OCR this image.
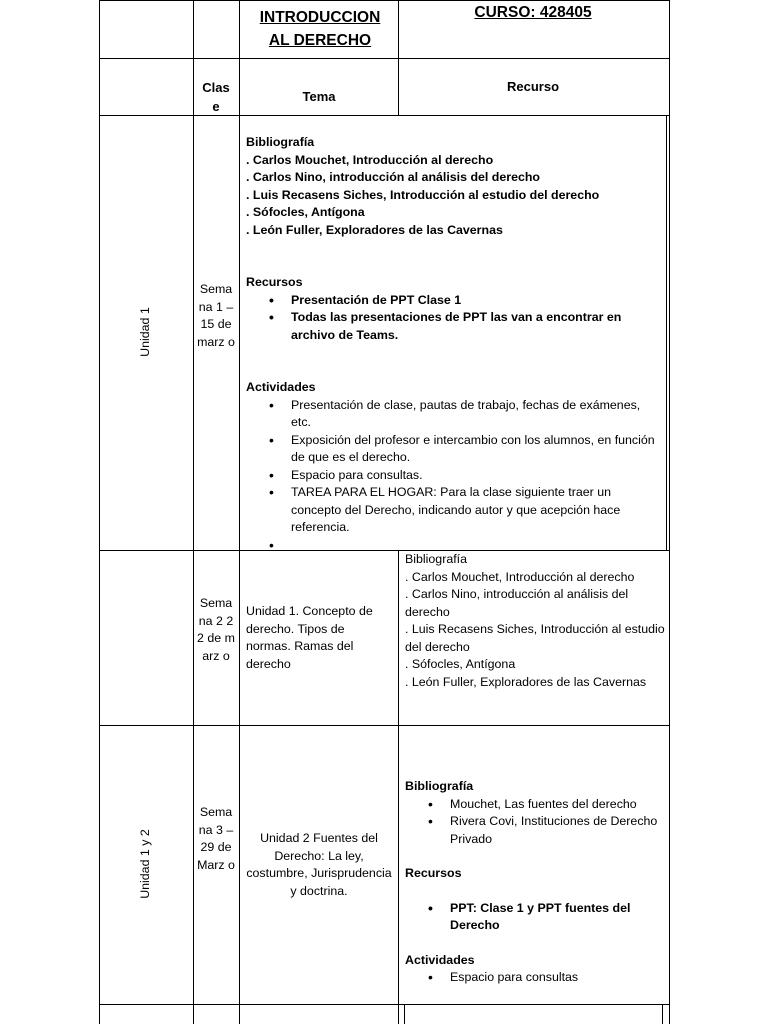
INTRODUCCION AL DERECHO
CURSO: 428405
Clas e
Tema
Recurso
Unidad 1
Sema na 1 – 15 de marz o
Bibliografía
. Carlos Mouchet, Introducción al derecho
. Carlos Nino, introducción al análisis del derecho
. Luis Recasens Siches, Introducción al estudio del derecho
. Sófocles, Antígona
. León Fuller, Exploradores de las Cavernas
Recursos
• Presentación de PPT Clase 1
• Todas las presentaciones de PPT las van a encontrar en archivo de Teams.
Actividades
• Presentación de clase, pautas de trabajo, fechas de exámenes, etc.
• Exposición del profesor e intercambio con los alumnos, en función de que es el derecho.
• Espacio para consultas.
• TAREA PARA EL HOGAR: Para la clase siguiente traer un concepto del Derecho, indicando autor y que acepción hace referencia.
•
Sema na 2 22 de marz o
Unidad 1. Concepto de derecho. Tipos de normas. Ramas del derecho
Bibliografía
. Carlos Mouchet, Introducción al derecho
. Carlos Nino, introducción al análisis del derecho
. Luis Recasens Siches, Introducción al estudio del derecho
. Sófocles, Antígona
. León Fuller, Exploradores de las Cavernas
Unidad 1 y 2
Sema na 3 – 29 de Marz o
Unidad 2 Fuentes del Derecho: La ley, costumbre, Jurisprudencia y doctrina.
Bibliografía
• Mouchet, Las fuentes del derecho
• Rivera Covi, Instituciones de Derecho Privado
Recursos
• PPT: Clase 1 y PPT fuentes del Derecho
Actividades
• Espacio para consultas
